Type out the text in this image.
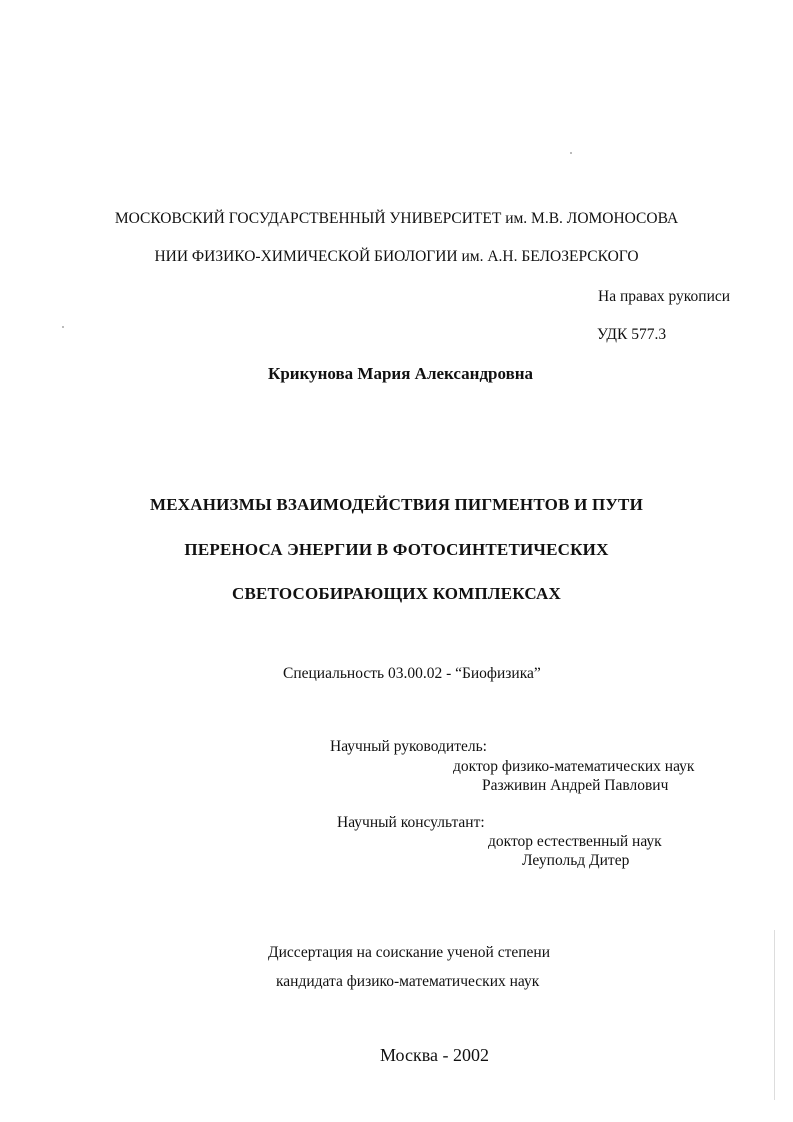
МОСКОВСКИЙ ГОСУДАРСТВЕННЫЙ УНИВЕРСИТЕТ им. М.В. ЛОМОНОСОВА
НИИ ФИЗИКО-ХИМИЧЕСКОЙ БИОЛОГИИ им. А.Н. БЕЛОЗЕРСКОГО
На правах рукописи
УДК 577.3
Крикунова Мария Александровна
МЕХАНИЗМЫ ВЗАИМОДЕЙСТВИЯ ПИГМЕНТОВ И ПУТИ
ПЕРЕНОСА ЭНЕРГИИ В ФОТОСИНТЕТИЧЕСКИХ
СВЕТОСОБИРАЮЩИХ КОМПЛЕКСАХ
Специальность 03.00.02 - “Биофизика”
Научный руководитель:
доктор физико-математических наук
Разживин Андрей Павлович
Научный консультант:
доктор естественный наук
Леупольд Дитер
Диссертация на соискание ученой степени
кандидата физико-математических наук
Москва - 2002
